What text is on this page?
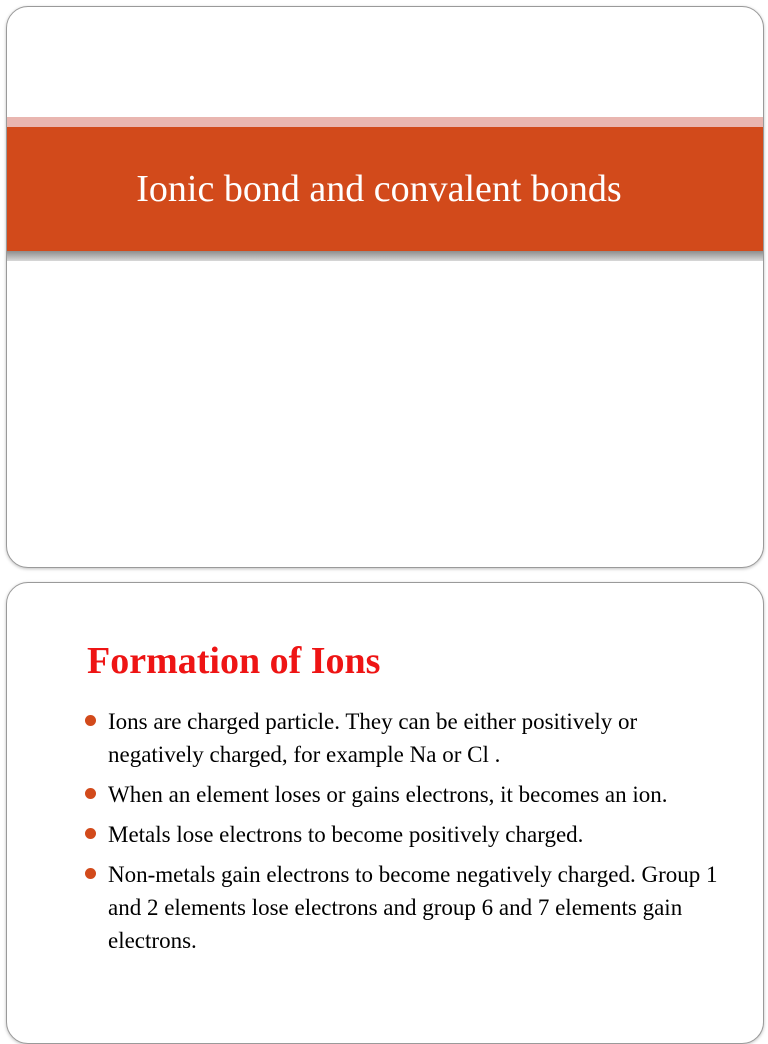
Ionic bond and convalent bonds
Formation of Ions
Ions are charged particle. They can be either positively or negatively charged, for example Na or Cl .
When an element loses or gains electrons, it becomes an ion.
Metals lose electrons to become positively charged.
Non-metals gain electrons to become negatively charged. Group 1 and 2 elements lose electrons and group 6 and 7 elements gain electrons.
